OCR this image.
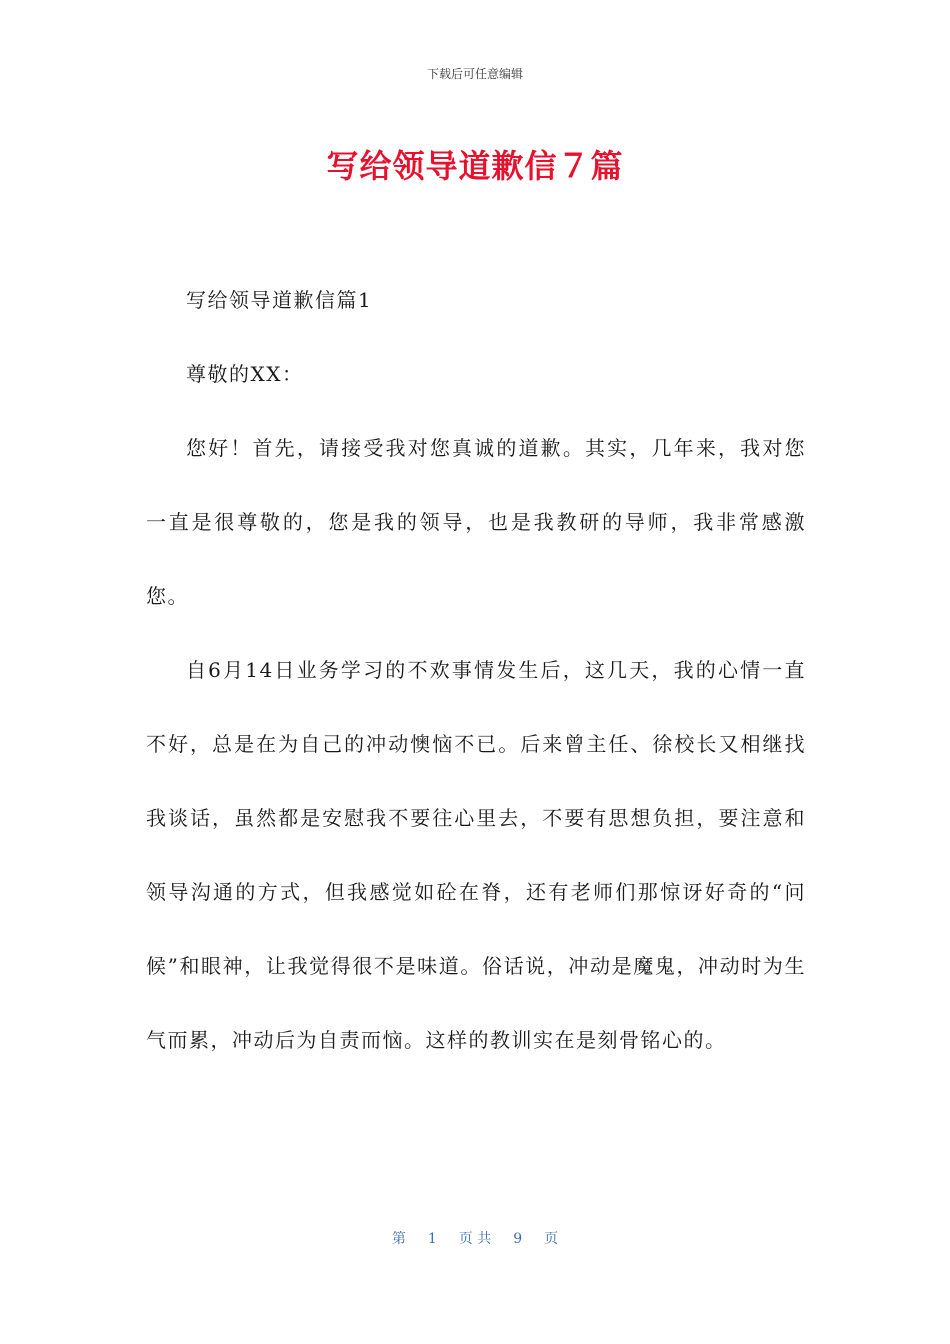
下载后可任意编辑
写给领导道歉信７篇

写给领导道歉信篇1

尊敬的XX：

您好！首先，请接受我对您真诚的道歉。其实，几年来，我对您一直是很尊敬的，您是我的领导，也是我教研的导师，我非常感激您。

自6月14日业务学习的不欢事情发生后，这几天，我的心情一直不好，总是在为自己的冲动懊恼不已。后来曾主任、徐校长又相继找我谈话，虽然都是安慰我不要往心里去，不要有思想负担，要注意和领导沟通的方式，但我感觉如砼在脊，还有老师们那惊讶好奇的“问候”和眼神，让我觉得很不是味道。俗话说，冲动是魔鬼，冲动时为生气而累，冲动后为自责而恼。这样的教训实在是刻骨铭心的。

第 1 页 共 9 页
